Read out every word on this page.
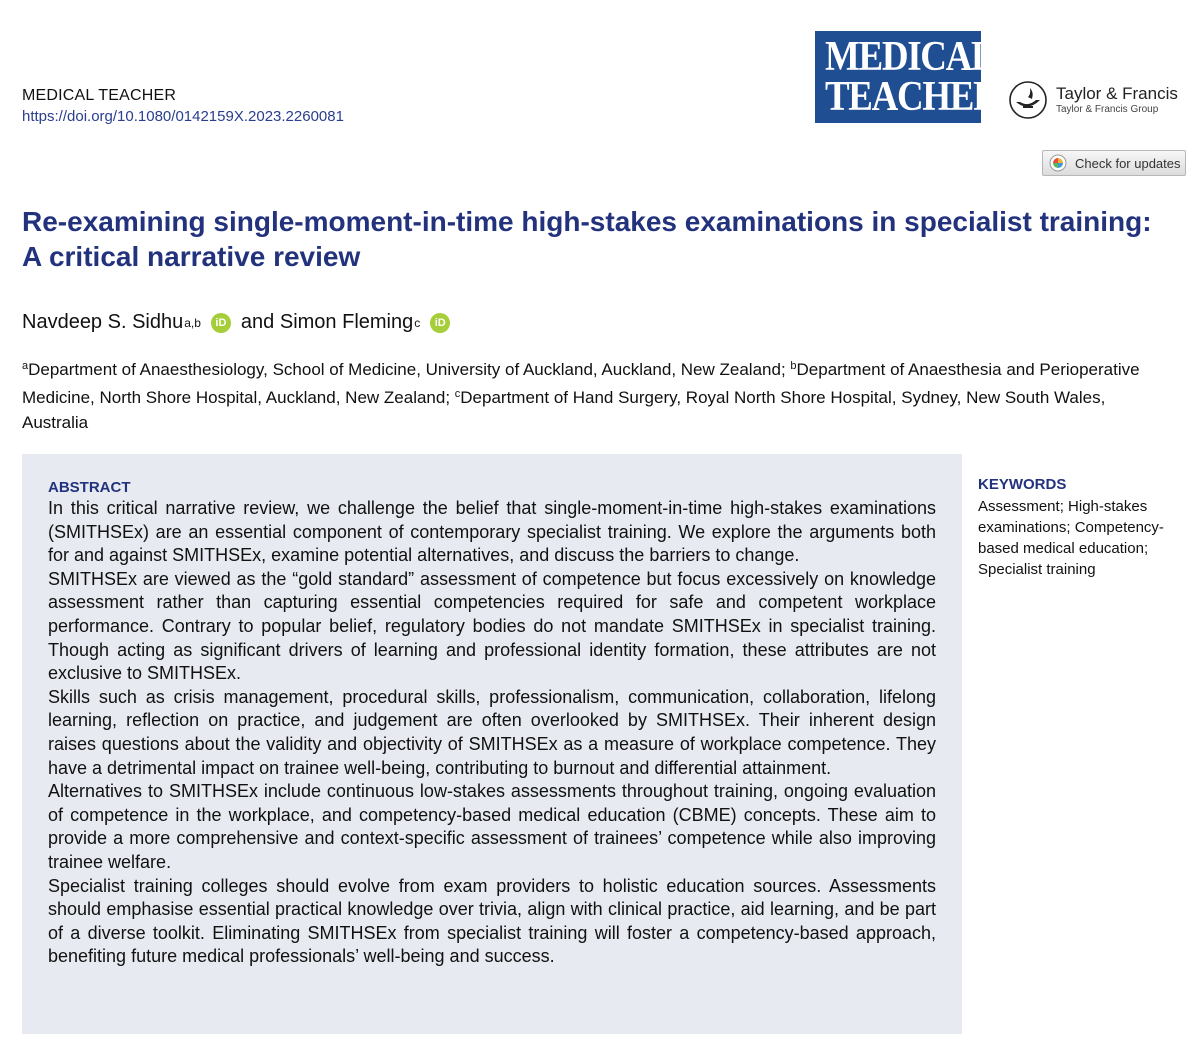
MEDICAL TEACHER
https://doi.org/10.1080/0142159X.2023.2260081
MEDICAL
TEACHER	Taylor & Francis
Taylor & Francis Group
Check for updates
Re-examining single-moment-in-time high-stakes examinations in specialist training: A critical narrative review
Navdeep S. Sidhu a,b	iD and
Simon Fleming c	iD
$^a$Department of Anaesthesiology, School of Medicine, University of Auckland, Auckland, New Zealand; $^b$Department of Anaesthesia and Perioperative Medicine, North Shore Hospital, Auckland, New Zealand; $^c$Department of Hand Surgery, Royal North Shore Hospital, Sydney, New South Wales, Australia
ABSTRACT

In this critical narrative review, we challenge the belief that single-moment-in-time high-stakes examinations (SMITHSEx) are an essential component of contemporary specialist training. We explore the arguments both for and against SMITHSEx, examine potential alternatives, and discuss the barriers to change.

SMITHSEx are viewed as the “gold standard” assessment of competence but focus excessively on knowledge assessment rather than capturing essential competencies required for safe and competent workplace performance. Contrary to popular belief, regulatory bodies do not mandate SMITHSEx in specialist training. Though acting as significant drivers of learning and professional identity formation, these attributes are not exclusive to SMITHSEx.

Skills such as crisis management, procedural skills, professionalism, communication, collaboration, lifelong learning, reflection on practice, and judgement are often overlooked by SMITHSEx. Their inherent design raises questions about the validity and objectivity of SMITHSEx as a measure of workplace competence. They have a detrimental impact on trainee well-being, contributing to burnout and differential attainment.

Alternatives to SMITHSEx include continuous low-stakes assessments throughout training, ongoing evaluation of competence in the workplace, and competency-based medical education (CBME) concepts. These aim to provide a more comprehensive and context-specific assessment of trainees’ competence while also improving trainee welfare.

Specialist training colleges should evolve from exam providers to holistic education sources. Assessments should emphasise essential practical knowledge over trivia, align with clinical practice, aid learning, and be part of a diverse toolkit. Eliminating SMITHSEx from specialist training will foster a competency-based approach, benefiting future medical professionals’ well-being and success.

KEYWORDS
Assessment; High-stakes examinations; Competency-based medical education; Specialist training
